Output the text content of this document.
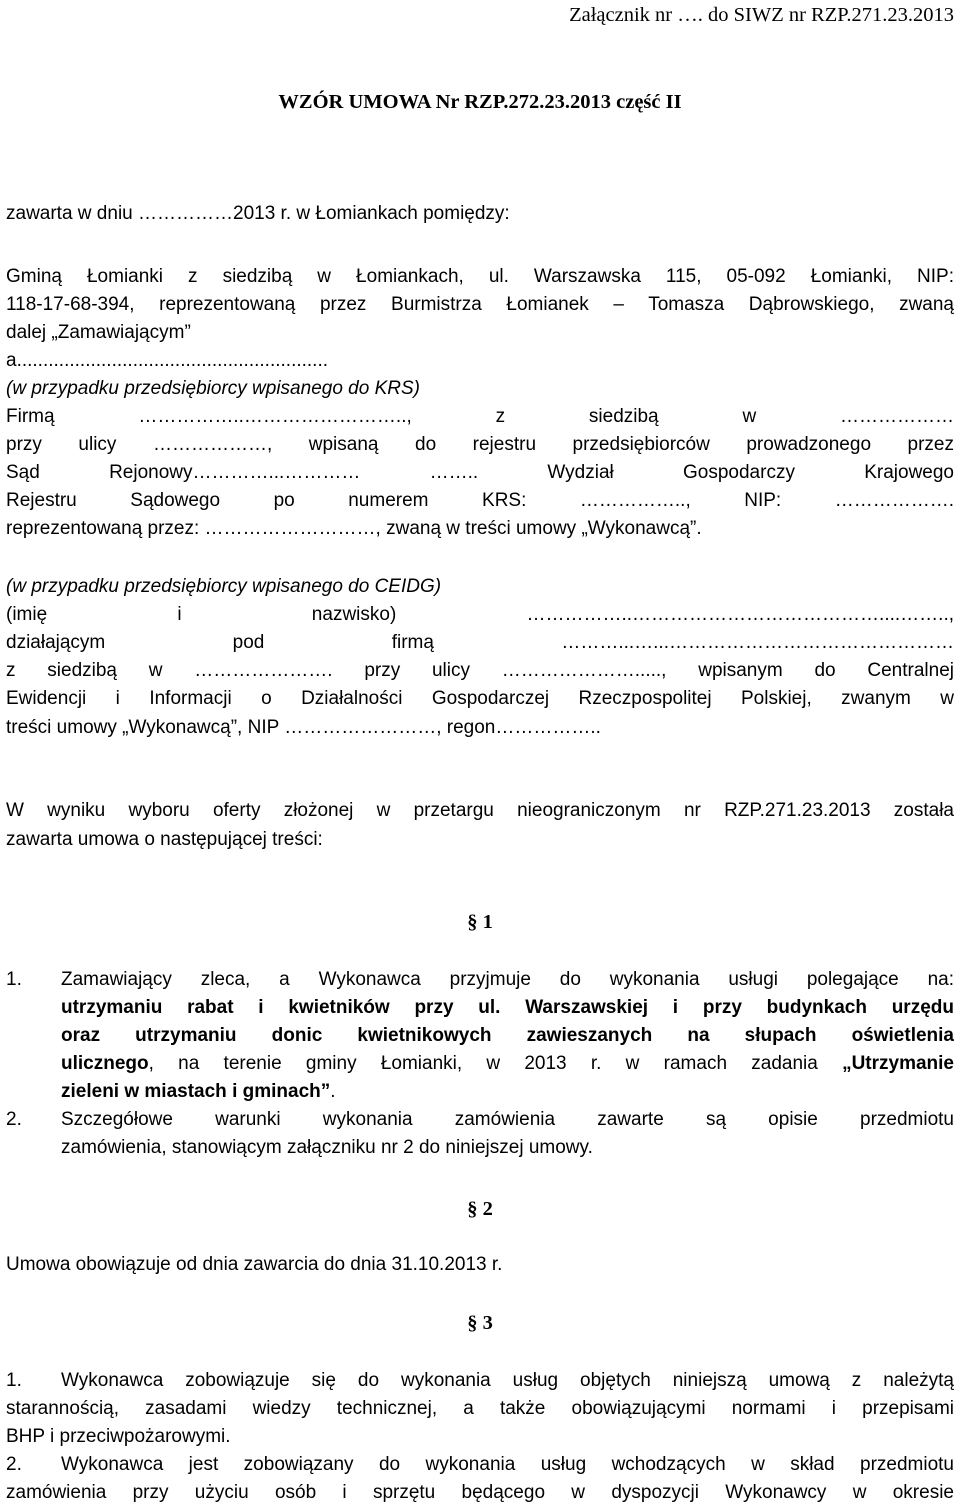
Załącznik nr …. do SIWZ nr RZP.271.23.2013
WZÓR UMOWA Nr RZP.272.23.2013 część II
zawarta w dniu ……………2013 r. w Łomiankach pomiędzy:
Gminą Łomianki z siedzibą w Łomiankach, ul. Warszawska 115, 05-092 Łomianki, NIP:
118-17-68-394, reprezentowaną przez Burmistrza Łomianek – Tomasza Dąbrowskiego, zwaną
dalej „Zamawiającym”
a...........................................................
(w przypadku przedsiębiorcy wpisanego do KRS)
Firmą ……………..…………………….., z siedzibą w ………………
przy ulicy ………………, wpisaną do rejestru przedsiębiorców prowadzonego przez
Sąd Rejonowy…………...………… …….. Wydział Gospodarczy Krajowego
Rejestru Sądowego po numerem KRS: …………….., NIP: ……………….
reprezentowaną przez: ………………………, zwaną w treści umowy „Wykonawcą”.
(w przypadku przedsiębiorcy wpisanego do CEIDG)
(imię i nazwisko) ……………..…………………………………....……..,
działającym pod firmą ………...…...………………………………………
z siedzibą w …………………. przy ulicy …………………....., wpisanym do Centralnej
Ewidencji i Informacji o Działalności Gospodarczej Rzeczpospolitej Polskiej, zwanym w
treści umowy „Wykonawcą”, NIP ……………………, regon……………..
W wyniku wyboru oferty złożonej w przetargu nieograniczonym nr RZP.271.23.2013 została
zawarta umowa o następującej treści:
§ 1
1. Zamawiający zleca, a Wykonawca przyjmuje do wykonania usługi polegające na:
utrzymaniu rabat i kwietników przy ul. Warszawskiej i przy budynkach urzędu
oraz utrzymaniu donic kwietnikowych zawieszanych na słupach oświetlenia
ulicznego, na terenie gminy Łomianki, w 2013 r. w ramach zadania „Utrzymanie
zieleni w miastach i gminach”.
2. Szczegółowe warunki wykonania zamówienia zawarte są opisie przedmiotu
zamówienia, stanowiącym załączniku nr 2 do niniejszej umowy.
§ 2
Umowa obowiązuje od dnia zawarcia do dnia 31.10.2013 r.
§ 3
1. Wykonawca zobowiązuje się do wykonania usług objętych niniejszą umową z należytą
starannością, zasadami wiedzy technicznej, a także obowiązującymi normami i przepisami
BHP i przeciwpożarowymi.
2. Wykonawca jest zobowiązany do wykonania usług wchodzących w skład przedmiotu
zamówienia przy użyciu osób i sprzętu będącego w dyspozycji Wykonawcy w okresie
